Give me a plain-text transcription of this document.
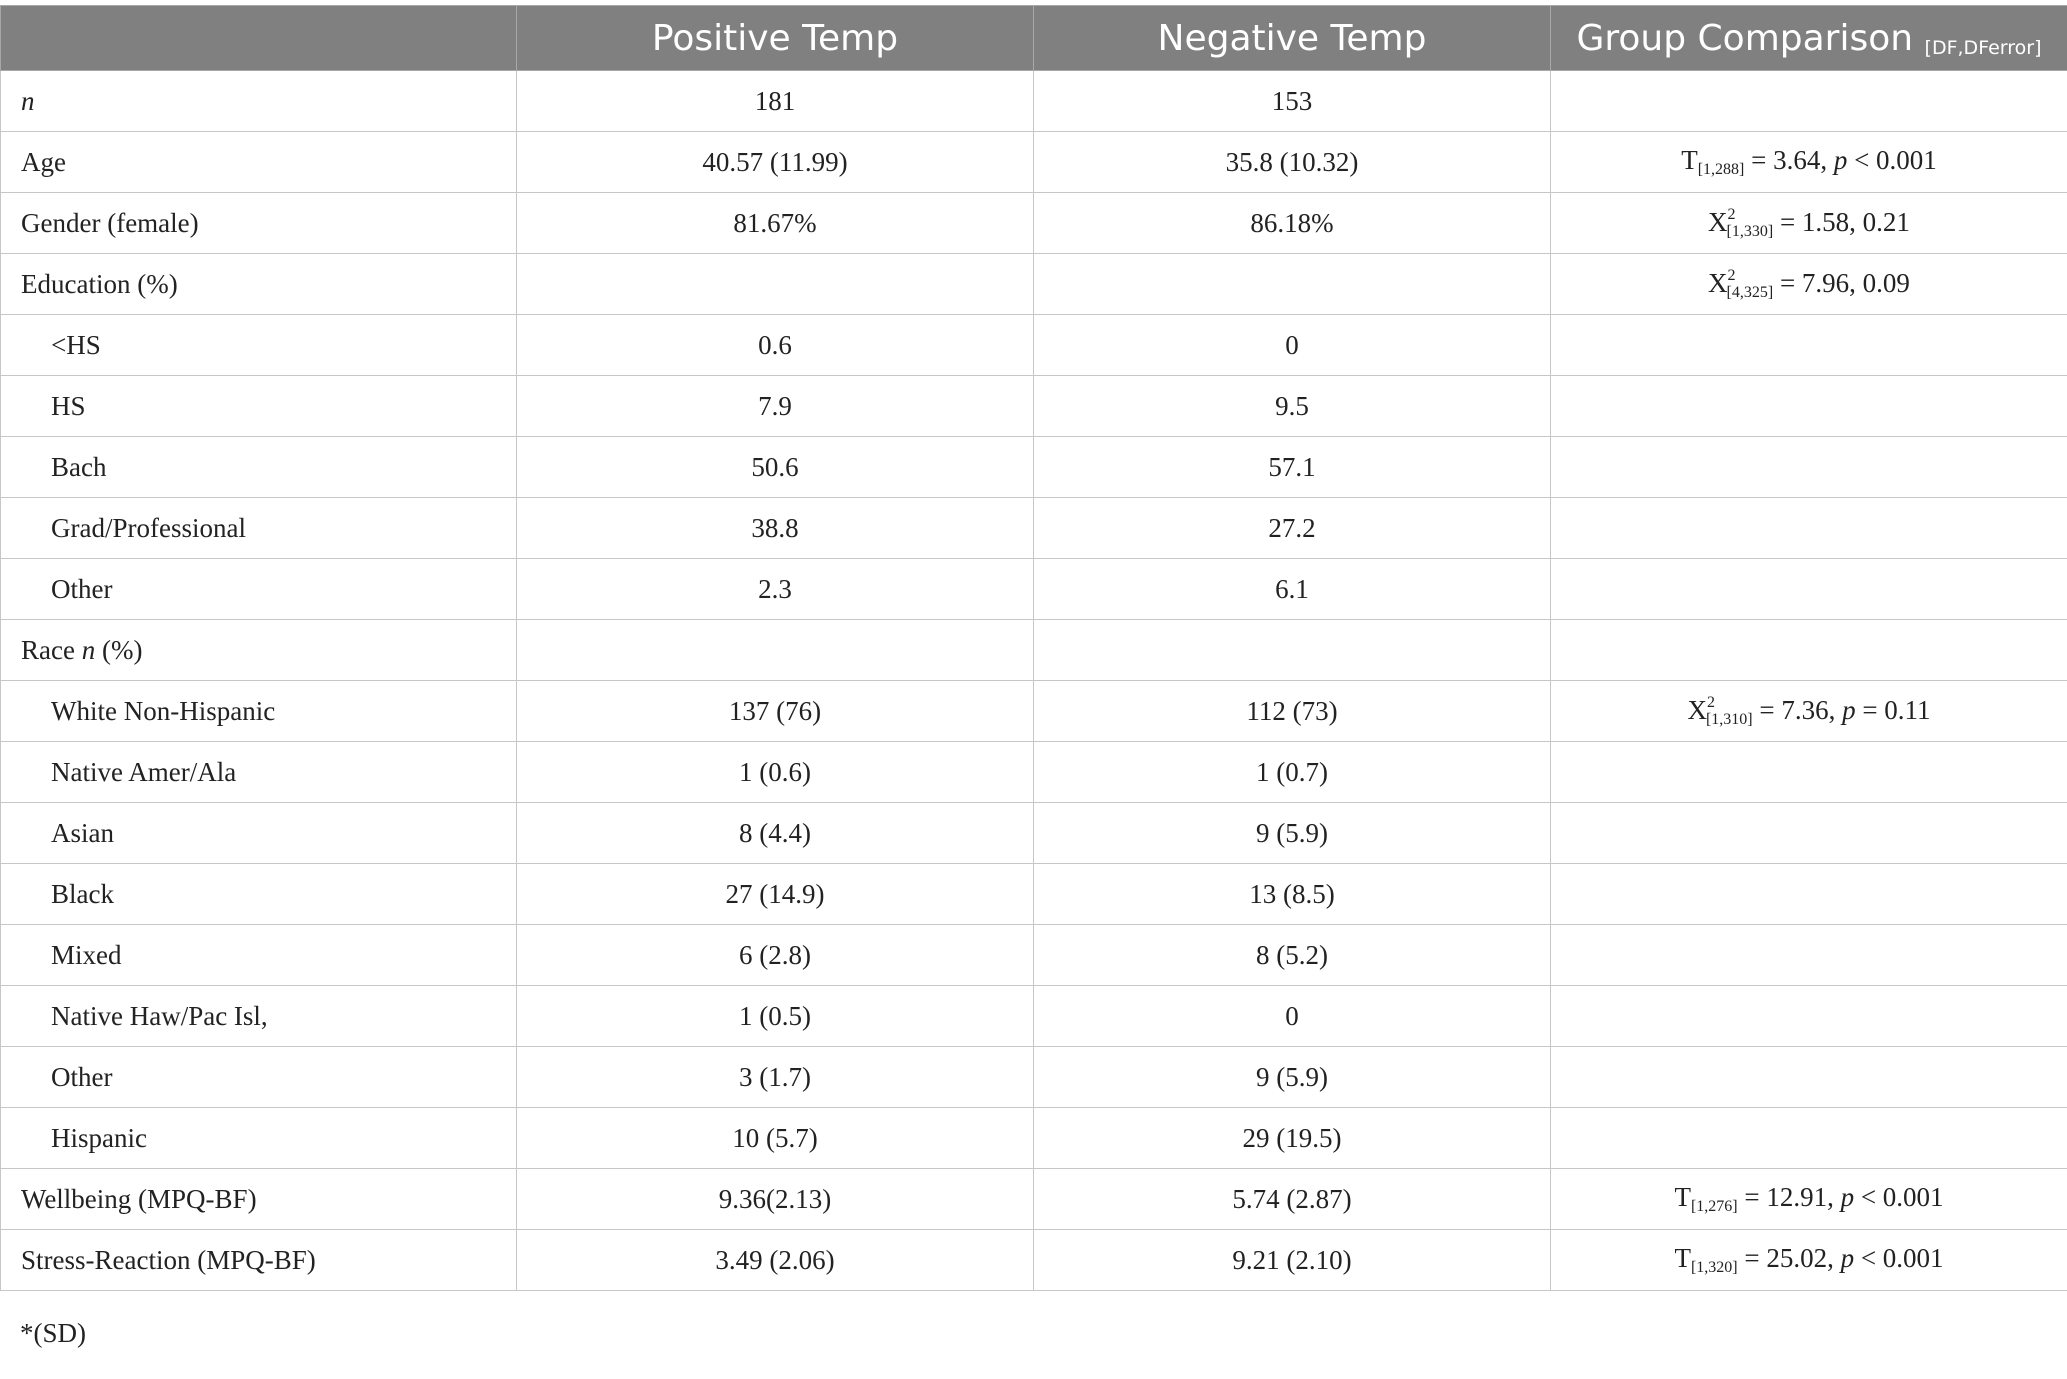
	Positive Temp	Negative Temp	Group Comparison $_{[DF,DFerror]}$
n	181	153	
Age	40.57 (11.99)	35.8 (10.32)	T[1,288] = 3.64, p < 0.001
Gender (female)	81.67%	86.18%	$X^2[1,330] = 1.58$, 0.21
Education (%)			$X^2[4,325] = 7.96$, 0.09
<HS	0.6	0	
HS	7.9	9.5	
Bach	50.6	57.1	
Grad/Professional	38.8	27.2	
Other	2.3	6.1	
Race n (%)			
White Non-Hispanic	137 (76)	112 (73)	$X^2[1,310] = 7.36$, p = 0.11
Native Amer/Ala	1 (0.6)	1 (0.7)	
Asian	8 (4.4)	9 (5.9)	
Black	27 (14.9)	13 (8.5)	
Mixed	6 (2.8)	8 (5.2)	
Native Haw/Pac Isl,	1 (0.5)	0	
Other	3 (1.7)	9 (5.9)	
Hispanic	10 (5.7)	29 (19.5)	
Wellbeing (MPQ-BF)	9.36(2.13)	5.74 (2.87)	T[1,276] = 12.91, p < 0.001
Stress-Reaction (MPQ-BF)	3.49 (2.06)	9.21 (2.10)	T[1,320] = 25.02, p < 0.001
*(SD)
